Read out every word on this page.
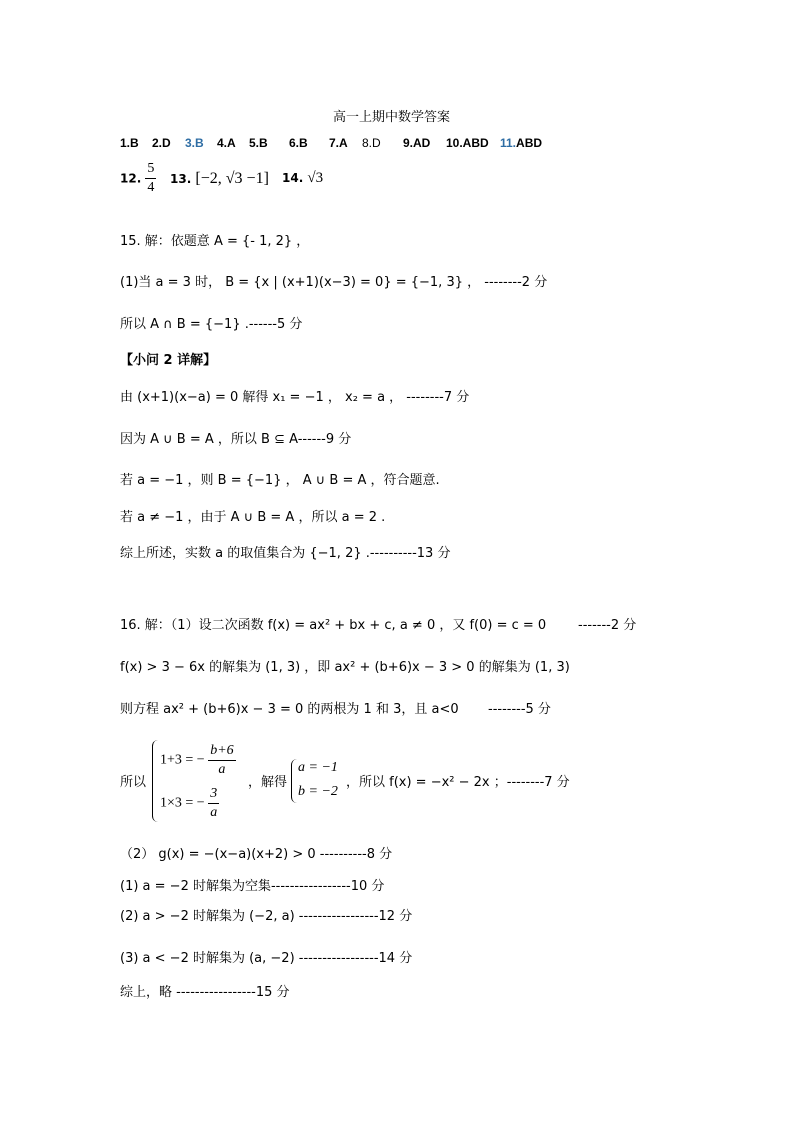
高一上期中数学答案
1.B 2.D 3.B 4.A 5.B 6.B 7.A 8.D 9.AD 10.ABD 11.ABD
12. $\frac{5}{4} 13$. [−2, √3 −1] 14. √3
15. 解：依题意 A = {- 1, 2} ，
(1)当 a = 3 时， B = {x | (x+1)(x−3) = 0} = {−1, 3} ， --------2 分
所以 A ∩ B = {−1} .------5 分
【小问 2 详解】
由 (x+1)(x−a) = 0 解得 x₁ = −1 ， x₂ = a ， --------7 分
因为 A ∪ B = A ，所以 B ⊆ A------9 分
若 a = −1 ，则 B = {−1} ， A ∪ B = A ，符合题意.
若 a ≠ −1 ，由于 A ∪ B = A ，所以 a = 2 .
综上所述，实数 a 的取值集合为 {−1, 2} .----------13 分
16. 解：（1）设二次函数 f(x) = ax² + bx + c, a ≠ 0 ，又 f(0) = c = 0 -------2 分
f(x) > 3 − 6x 的解集为 (1, 3) ，即 ax² + (b+6)x − 3 > 0 的解集为 (1, 3)
则方程 ax² + (b+6)x − 3 = 0 的两根为 1 和 3，且 a<0 --------5 分
所以
1+3 = − $\frac{b+6}{a}$
1×3 = − $\frac{3}{a}$
，解得
a = −1
b = −2
，所以 f(x) = −x² − 2x ；--------7 分
（2） g(x) = −(x−a)(x+2) > 0 ----------8 分
(1) a = −2 时解集为空集-----------------10 分
(2) a > −2 时解集为 (−2, a) -----------------12 分
(3) a < −2 时解集为 (a, −2) -----------------14 分
综上，略 -----------------15 分
